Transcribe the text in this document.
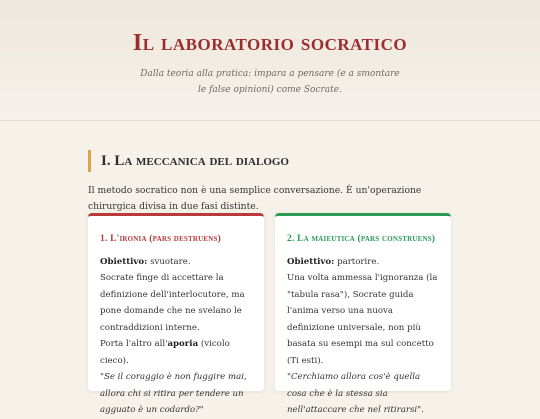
Il laboratorio socratico

Dalla teoria alla pratica: impara a pensare (e a smontare le false opinioni) come Socrate.

I. La meccanica del dialogo
Il metodo socratico non è una semplice conversazione. È un'operazione chirurgica divisa in due fasi distinte.
1. L'ironia (pars destruens)
Obiettivo: svuotare.
Socrate finge di accettare la definizione dell'interlocutore, ma pone domande che ne svelano le contraddizioni interne.
Porta l'altro all'aporia (vicolo cieco).
"Se il coraggio è non fuggire mai, allora chi si ritira per tendere un agguato è un codardo?"
2. La maieutica (pars construens)
Obiettivo: partorire.
Una volta ammessa l'ignoranza (la "tabula rasa"), Socrate guida l'anima verso una nuova definizione universale, non più basata su esempi ma sul concetto (Ti esti).
"Cerchiamo allora cos'è quella cosa che è la stessa sia nell'attaccare che nel ritirarsi".
